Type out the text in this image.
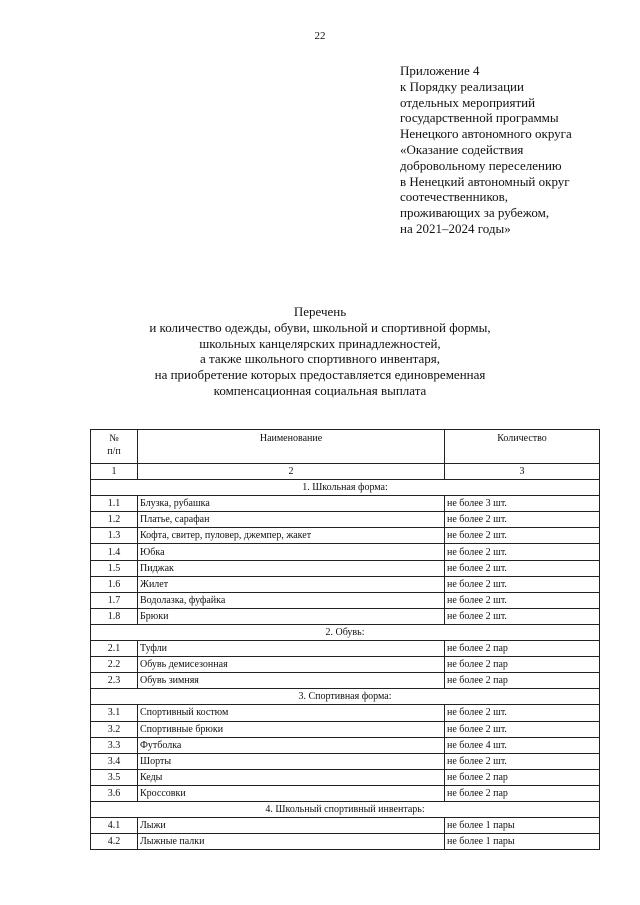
22
Приложение 4
к Порядку реализации
отдельных мероприятий
государственной программы
Ненецкого автономного округа
«Оказание содействия
добровольному переселению
в Ненецкий автономный округ
соотечественников,
проживающих за рубежом,
на 2021–2024 годы»
Перечень
и количество одежды, обуви, школьной и спортивной формы,
школьных канцелярских принадлежностей,
а также школьного спортивного инвентаря,
на приобретение которых предоставляется единовременная
компенсационная социальная выплата
№
п/п	Наименование	Количество
1	2	3
1. Школьная форма:		
1.1	Блузка, рубашка	не более 3 шт.
1.2	Платье, сарафан	не более 2 шт.
1.3	Кофта, свитер, пуловер, джемпер, жакет	не более 2 шт.
1.4	Юбка	не более 2 шт.
1.5	Пиджак	не более 2 шт.
1.6	Жилет	не более 2 шт.
1.7	Водолазка, фуфайка	не более 2 шт.
1.8	Брюки	не более 2 шт.
2. Обувь:		
2.1	Туфли	не более 2 пар
2.2	Обувь демисезонная	не более 2 пар
2.3	Обувь зимняя	не более 2 пар
3. Спортивная форма:		
3.1	Спортивный костюм	не более 2 шт.
3.2	Спортивные брюки	не более 2 шт.
3.3	Футболка	не более 4 шт.
3.4	Шорты	не более 2 шт.
3.5	Кеды	не более 2 пар
3.6	Кроссовки	не более 2 пар
4. Школьный спортивный инвентарь:		
4.1	Лыжи	не более 1 пары
4.2	Лыжные палки	не более 1 пары
